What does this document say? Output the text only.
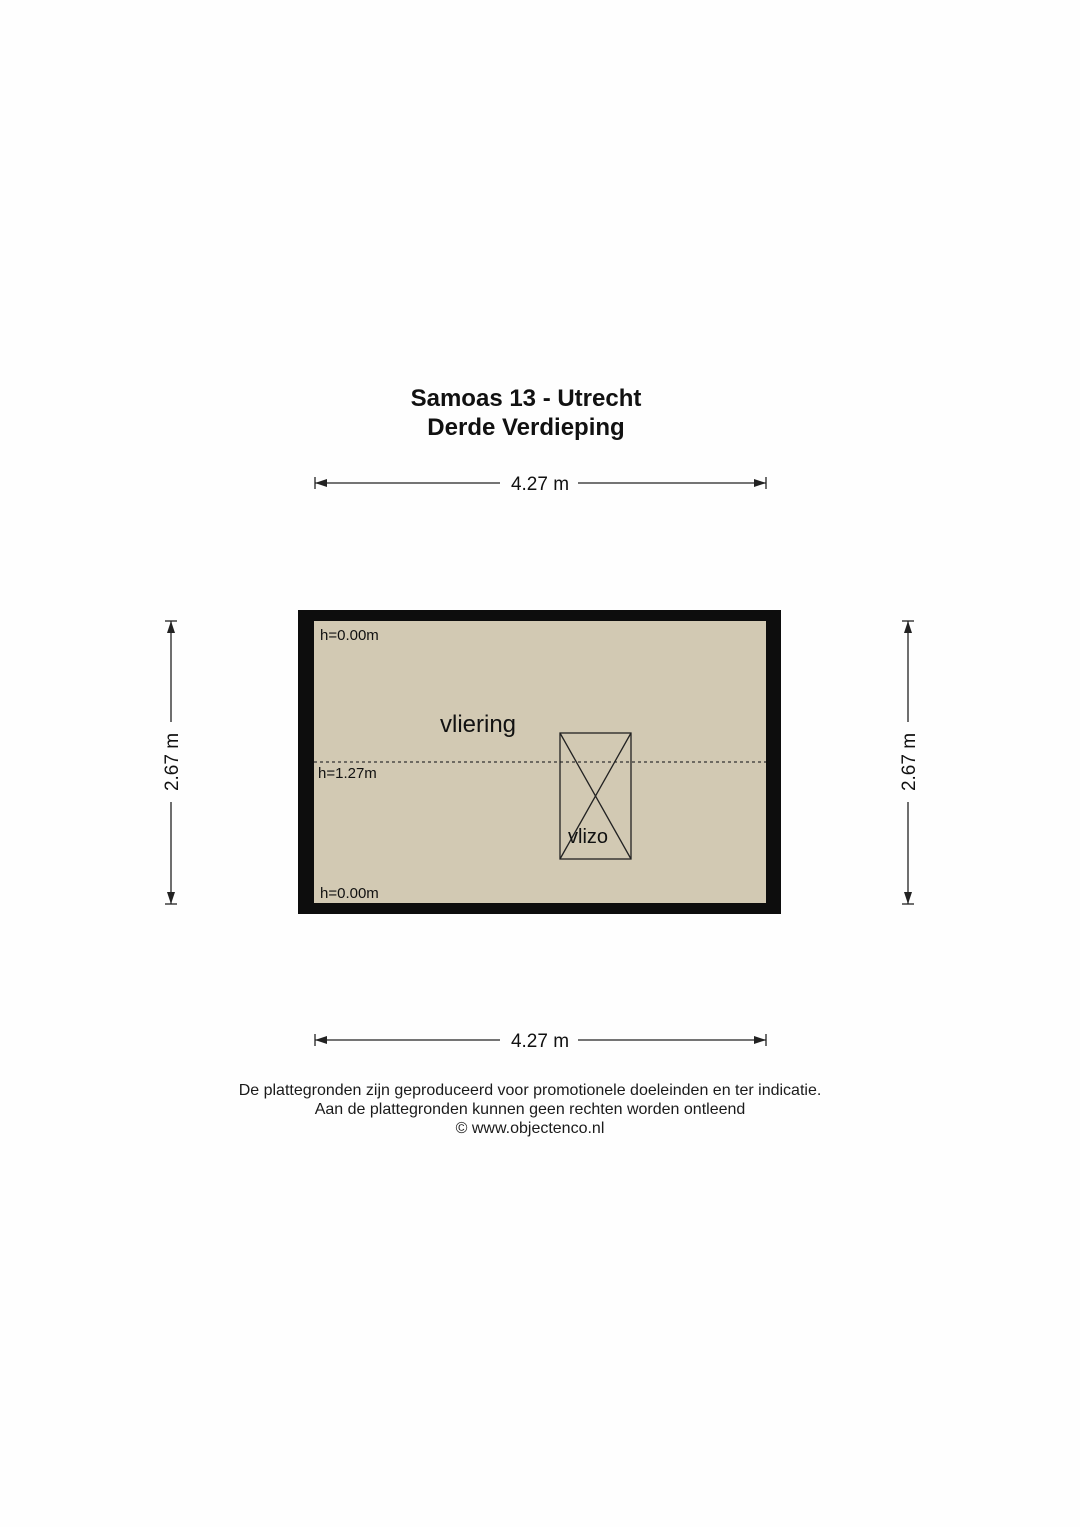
Samoas 13 - Utrecht
Derde Verdieping
4.27 m
4.27 m
2.67 m	2.67 m
h=0.00m
h=1.27m
h=0.00m
vliering
vlizo
De plattegronden zijn geproduceerd voor promotionele doeleinden en ter indicatie.
Aan de plattegronden kunnen geen rechten worden ontleend
© www.objectenco.nl
